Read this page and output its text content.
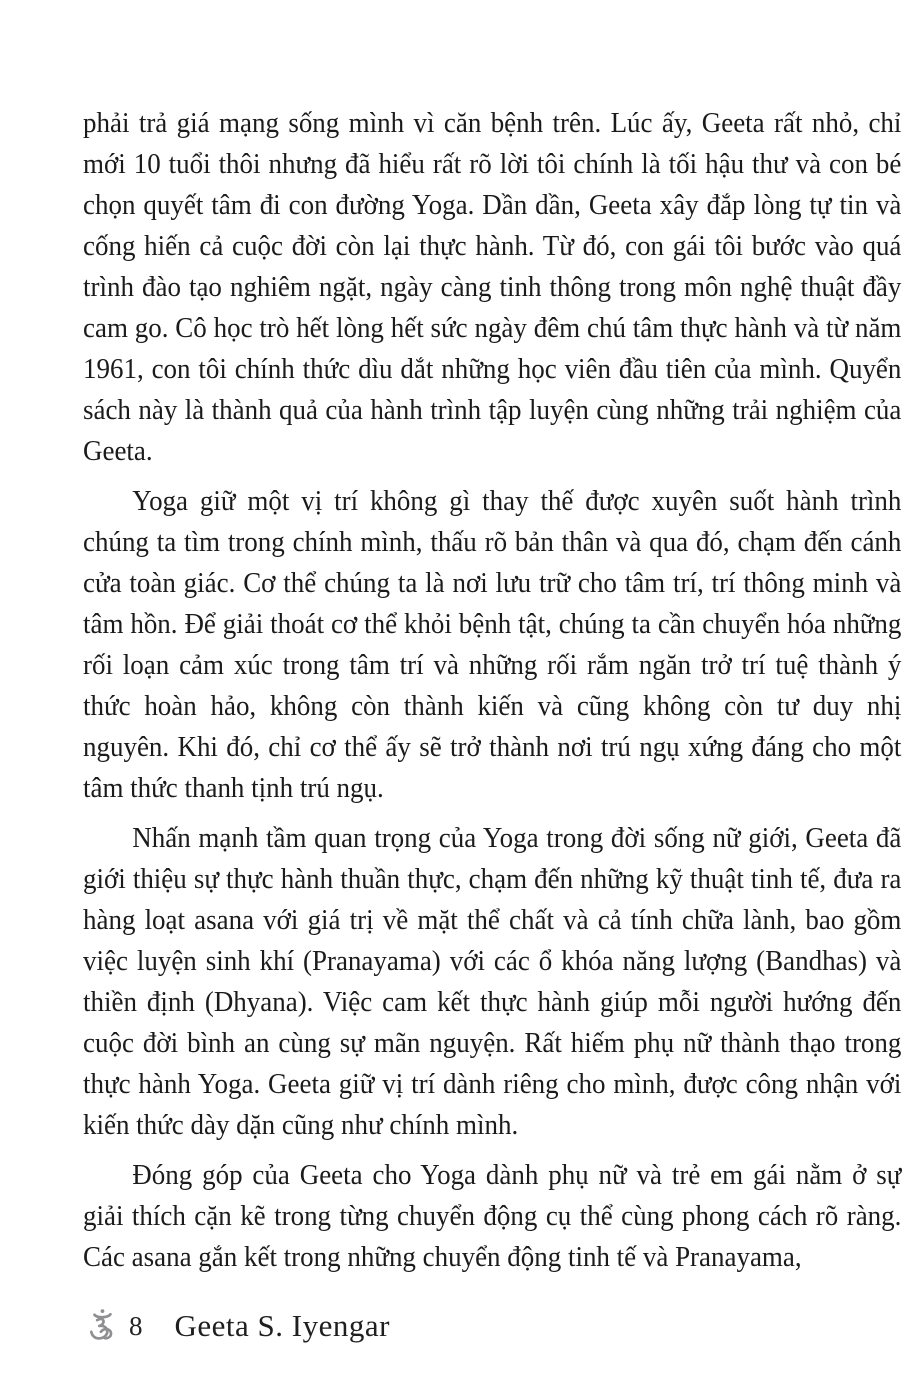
phải trả giá mạng sống mình vì căn bệnh trên. Lúc ấy, Geeta rất nhỏ, chỉ mới 10 tuổi thôi nhưng đã hiểu rất rõ lời tôi chính là tối hậu thư và con bé chọn quyết tâm đi con đường Yoga. Dần dần, Geeta xây đắp lòng tự tin và cống hiến cả cuộc đời còn lại thực hành. Từ đó, con gái tôi bước vào quá trình đào tạo nghiêm ngặt, ngày càng tinh thông trong môn nghệ thuật đầy cam go. Cô học trò hết lòng hết sức ngày đêm chú tâm thực hành và từ năm 1961, con tôi chính thức dìu dắt những học viên đầu tiên của mình. Quyển sách này là thành quả của hành trình tập luyện cùng những trải nghiệm của Geeta.

Yoga giữ một vị trí không gì thay thế được xuyên suốt hành trình chúng ta tìm trong chính mình, thấu rõ bản thân và qua đó, chạm đến cánh cửa toàn giác. Cơ thể chúng ta là nơi lưu trữ cho tâm trí, trí thông minh và tâm hồn. Để giải thoát cơ thể khỏi bệnh tật, chúng ta cần chuyển hóa những rối loạn cảm xúc trong tâm trí và những rối rắm ngăn trở trí tuệ thành ý thức hoàn hảo, không còn thành kiến và cũng không còn tư duy nhị nguyên. Khi đó, chỉ cơ thể ấy sẽ trở thành nơi trú ngụ xứng đáng cho một tâm thức thanh tịnh trú ngụ.

Nhấn mạnh tầm quan trọng của Yoga trong đời sống nữ giới, Geeta đã giới thiệu sự thực hành thuần thực, chạm đến những kỹ thuật tinh tế, đưa ra hàng loạt asana với giá trị về mặt thể chất và cả tính chữa lành, bao gồm việc luyện sinh khí (Pranayama) với các ổ khóa năng lượng (Bandhas) và thiền định (Dhyana). Việc cam kết thực hành giúp mỗi người hướng đến cuộc đời bình an cùng sự mãn nguyện. Rất hiếm phụ nữ thành thạo trong thực hành Yoga. Geeta giữ vị trí dành riêng cho mình, được công nhận với kiến thức dày dặn cũng như chính mình.

Đóng góp của Geeta cho Yoga dành phụ nữ và trẻ em gái nằm ở sự giải thích cặn kẽ trong từng chuyển động cụ thể cùng phong cách rõ ràng. Các asana gắn kết trong những chuyển động tinh tế và Pranayama,

8 Geeta S. Iyengar
